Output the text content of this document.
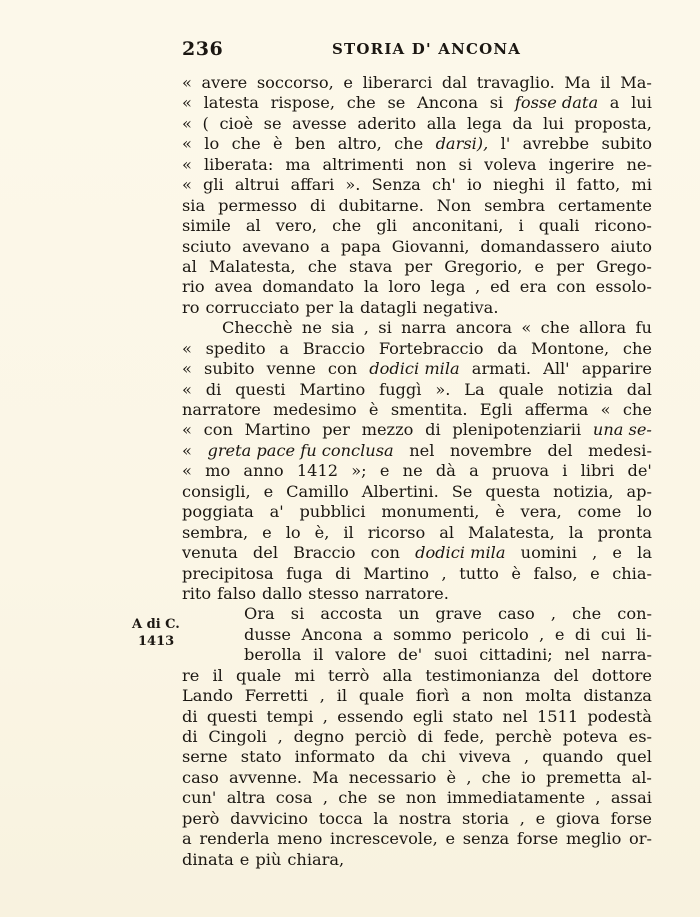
236	STORIA D' ANCONA
A di C.
1413
« avere soccorso, e liberarci dal travaglio. Ma il Ma-
« latesta rispose, che se Ancona si fosse data a lui
« ( cioè se avesse aderito alla lega da lui proposta,
« lo che è ben altro, che darsi), l' avrebbe subito
« liberata: ma altrimenti non si voleva ingerire ne-
« gli altrui affari ». Senza ch' io nieghi il fatto, mi
sia permesso di dubitarne. Non sembra certamente
simile al vero, che gli anconitani, i quali ricono-
sciuto avevano a papa Giovanni, domandassero aiuto
al Malatesta, che stava per Gregorio, e per Grego-
rio avea domandato la loro lega , ed era con essolo-
ro corrucciato per la datagli negativa.
Checchè ne sia , si narra ancora « che allora fu
« spedito a Braccio Fortebraccio da Montone, che
« subito venne con dodici mila armati. All' apparire
« di questi Martino fuggì ». La quale notizia dal
narratore medesimo è smentita. Egli afferma « che
« con Martino per mezzo di plenipotenziarii una se-
« greta pace fu conclusa nel novembre del medesi-
« mo anno 1412 »; e ne dà a pruova i libri de'
consigli, e Camillo Albertini. Se questa notizia, ap-
poggiata a' pubblici monumenti, è vera, come lo
sembra, e lo è, il ricorso al Malatesta, la pronta
venuta del Braccio con dodici mila uomini , e la
precipitosa fuga di Martino , tutto è falso, e chia-
rito falso dallo stesso narratore.
Ora si accosta un grave caso , che con-
dusse Ancona a sommo pericolo , e di cui li-
berolla il valore de' suoi cittadini; nel narra-
re il quale mi terrò alla testimonianza del dottore
Lando Ferretti , il quale fiorì a non molta distanza
di questi tempi , essendo egli stato nel 1511 podestà
di Cingoli , degno perciò di fede, perchè poteva es-
serne stato informato da chi viveva , quando quel
caso avvenne. Ma necessario è , che io premetta al-
cun' altra cosa , che se non immediatamente , assai
però davvicino tocca la nostra storia , e giova forse
a renderla meno increscevole, e senza forse meglio or-
dinata e più chiara,
